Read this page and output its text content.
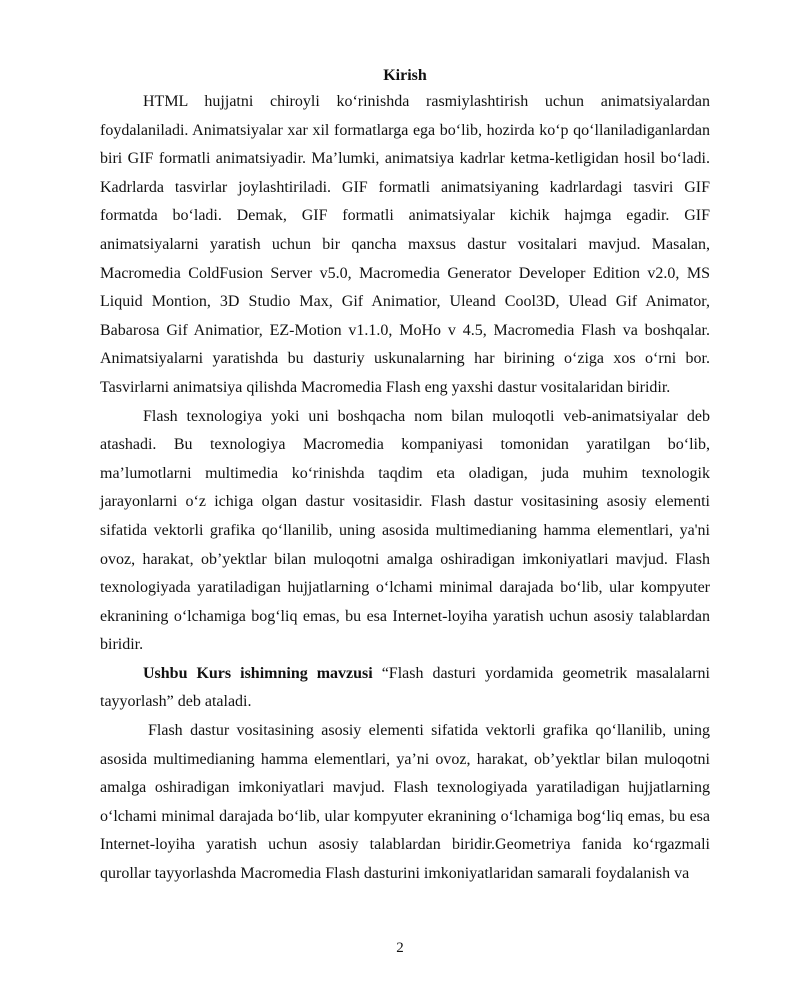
Kirish

HTML hujjatni chiroyli ko‘rinishda rasmiylashtirish uchun animatsiyalardan foydalaniladi. Animatsiyalar xar xil formatlarga ega bo‘lib, hozirda ko‘p qo‘llaniladiganlardan biri GIF formatli animatsiyadir. Ma’lumki, animatsiya kadrlar ketma-ketligidan hosil bo‘ladi. Kadrlarda tasvirlar joylashtiriladi. GIF formatli animatsiyaning kadrlardagi tasviri GIF formatda bo‘ladi. Demak, GIF formatli animatsiyalar kichik hajmga egadir. GIF animatsiyalarni yaratish uchun bir qancha maxsus dastur vositalari mavjud. Masalan, Macromedia ColdFusion Server v5.0, Macromedia Generator Developer Edition v2.0, MS Liquid Montion, 3D Studio Max, Gif Animatior, Uleand Cool3D, Ulead Gif Animator, Babarosa Gif Animatior, EZ-Motion v1.1.0, MoHo v 4.5, Macromedia Flash va boshqalar. Animatsiyalarni yaratishda bu dasturiy uskunalarning har birining o‘ziga xos o‘rni bor. Tasvirlarni animatsiya qilishda Macromedia Flash eng yaxshi dastur vositalaridan biridir.

Flash texnologiya yoki uni boshqacha nom bilan muloqotli veb-animatsiyalar deb atashadi. Bu texnologiya Macromedia kompaniyasi tomonidan yaratilgan bo‘lib, ma’lumotlarni multimedia ko‘rinishda taqdim eta oladigan, juda muhim texnologik jarayonlarni o‘z ichiga olgan dastur vositasidir. Flash dastur vositasining asosiy elementi sifatida vektorli grafika qo‘llanilib, uning asosida multimedianing hamma elementlari, ya'ni ovoz, harakat, ob’yektlar bilan muloqotni amalga oshiradigan imkoniyatlari mavjud. Flash texnologiyada yaratiladigan hujjatlarning o‘lchami minimal darajada bo‘lib, ular kompyuter ekranining o‘lchamiga bog‘liq emas, bu esa Internet-loyiha yaratish uchun asosiy talablardan biridir.

Ushbu Kurs ishimning mavzusi “Flash dasturi yordamida geometrik masalalarni tayyorlash” deb ataladi.

Flash dastur vositasining asosiy elementi sifatida vektorli grafika qo‘llanilib, uning asosida multimedianing hamma elementlari, ya’ni ovoz, harakat, ob’yektlar bilan muloqotni amalga oshiradigan imkoniyatlari mavjud. Flash texnologiyada yaratiladigan hujjatlarning o‘lchami minimal darajada bo‘lib, ular kompyuter ekranining o‘lchamiga bog‘liq emas, bu esa Internet-loyiha yaratish uchun asosiy talablardan biridir.Geometriya fanida ko‘rgazmali qurollar tayyorlashda Macromedia Flash dasturini imkoniyatlaridan samarali foydalanish va

2
